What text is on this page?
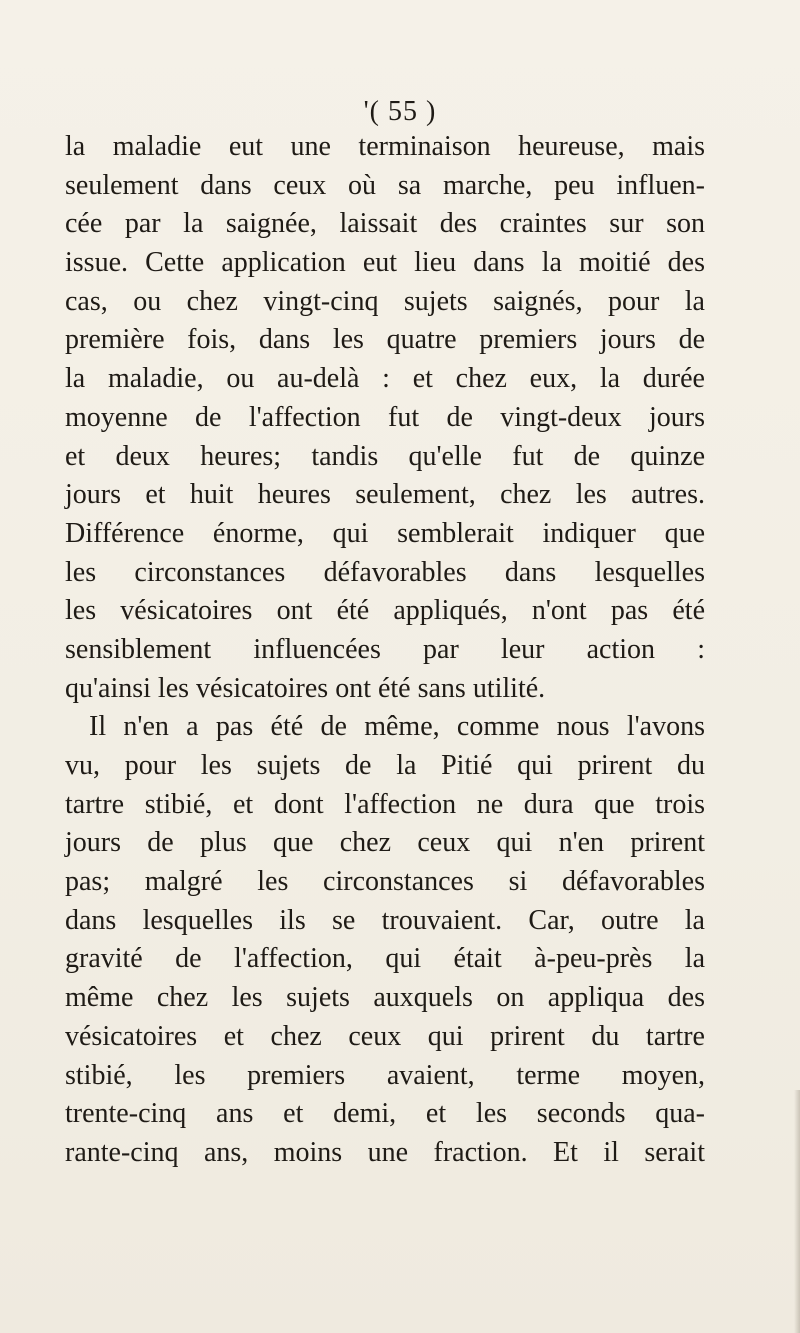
'( 55 )
la maladie eut une terminaison heureuse, mais
seulement dans ceux où sa marche, peu influen-
cée par la saignée, laissait des craintes sur son
issue. Cette application eut lieu dans la moitié des
cas, ou chez vingt-cinq sujets saignés, pour la
première fois, dans les quatre premiers jours de
la maladie, ou au-delà : et chez eux, la durée
moyenne de l'affection fut de vingt-deux jours
et deux heures; tandis qu'elle fut de quinze
jours et huit heures seulement, chez les autres.
Différence énorme, qui semblerait indiquer que
les circonstances défavorables dans lesquelles
les vésicatoires ont été appliqués, n'ont pas été
sensiblement influencées par leur action :
qu'ainsi les vésicatoires ont été sans utilité.
Il n'en a pas été de même, comme nous l'avons
vu, pour les sujets de la Pitié qui prirent du
tartre stibié, et dont l'affection ne dura que trois
jours de plus que chez ceux qui n'en prirent
pas; malgré les circonstances si défavorables
dans lesquelles ils se trouvaient. Car, outre la
gravité de l'affection, qui était à-peu-près la
même chez les sujets auxquels on appliqua des
vésicatoires et chez ceux qui prirent du tartre
stibié, les premiers avaient, terme moyen,
trente-cinq ans et demi, et les seconds qua-
rante-cinq ans, moins une fraction. Et il serait
